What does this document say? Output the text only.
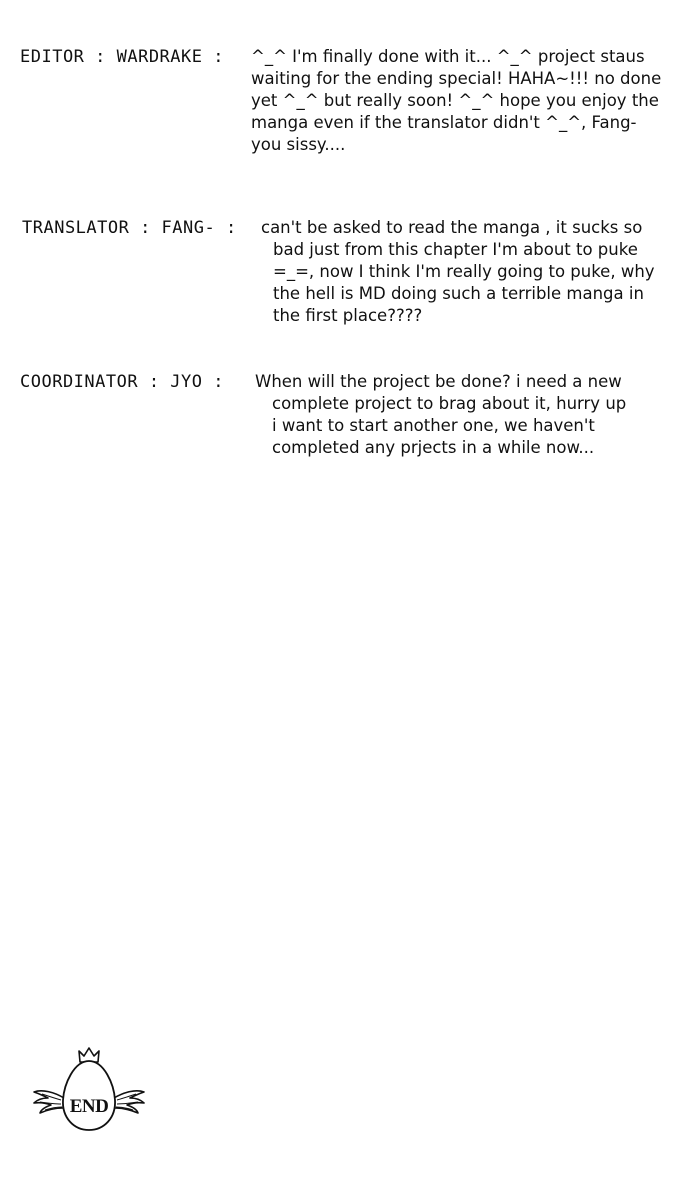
EDITOR : WARDRAKE : ^_^ I'm finally done with it... ^_^ project staus
waiting for the ending special! HAHA~!!! no done
yet ^_^ but really soon! ^_^ hope you enjoy the
manga even if the translator didn't ^_^, Fang-
you sissy....
TRANSLATOR : FANG- : can't be asked to read the manga , it sucks so
bad just from this chapter I'm about to puke
=_=, now I think I'm really going to puke, why
the hell is MD doing such a terrible manga in
the first place????
COORDINATOR : JYO : When will the project be done? i need a new
complete project to brag about it, hurry up
i want to start another one, we haven't
completed any prjects in a while now...
END
